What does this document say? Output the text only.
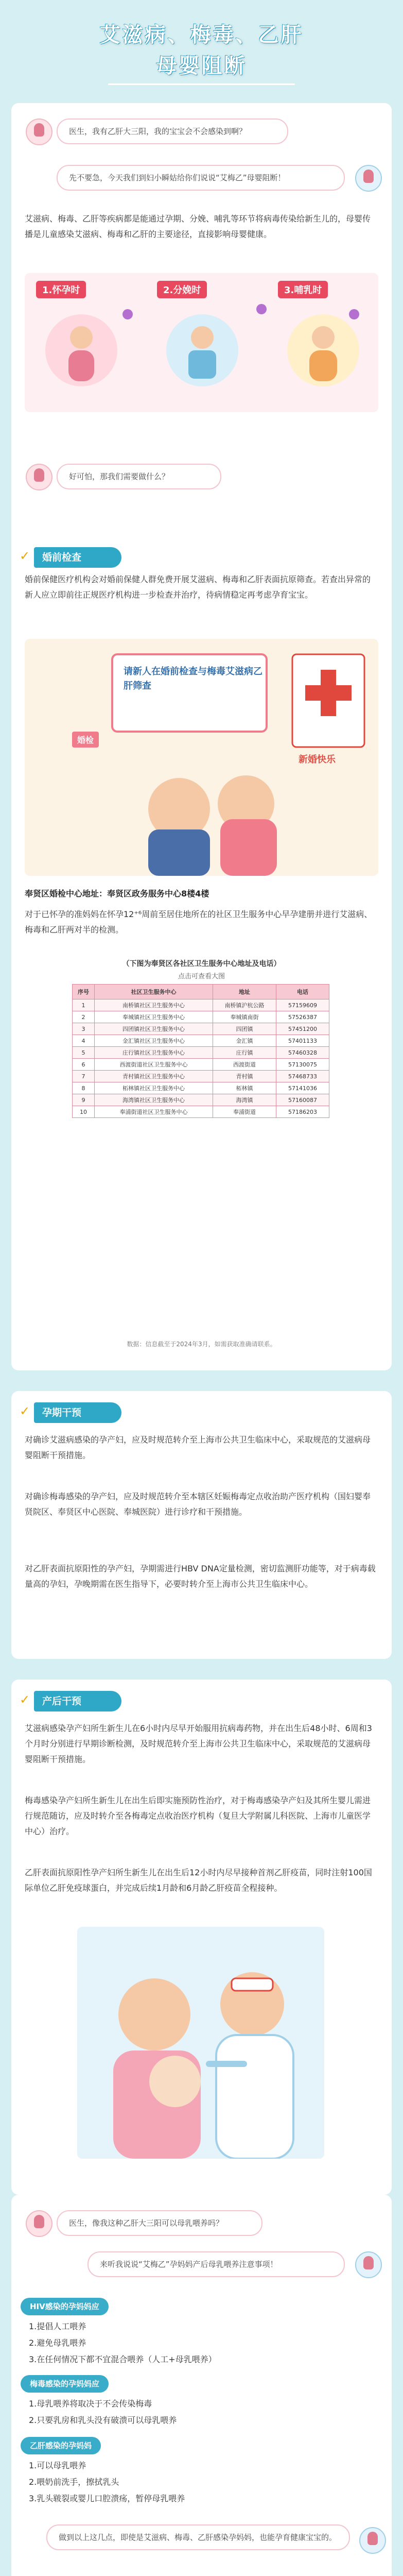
艾滋病、梅毒、乙肝
母婴阻断
医生，我有乙肝大三阳，我的宝宝会不会感染到啊？
先不要急，今天我们到妇小瞬姑给你们说说“艾梅乙”母婴阻断！
艾滋病、梅毒、乙肝等疾病都是能通过孕期、分娩、哺乳等环节将病毒传染给新生儿的，母婴传播是儿童感染艾滋病、梅毒和乙肝的主要途径，直接影响母婴健康。
1.怀孕时	2.分娩时	3.哺乳时
好可怕，那我们需要做什么？
✓	婚前检查
婚前保健医疗机构会对婚前保健人群免费开展艾滋病、梅毒和乙肝表面抗原筛查。若查出异常的新人应立即前往正规医疗机构进一步检查并治疗，待病情稳定再考虑孕育宝宝。
请新人在婚前检查与梅毒艾滋病乙肝筛查
婚检
新婚快乐
奉贤区婚检中心地址：奉贤区政务服务中心8楼4楼
对于已怀孕的准妈妈在怀孕12⁺⁶周前至居住地所在的社区卫生服务中心早孕建册并进行艾滋病、梅毒和乙肝两对半的检测。
（下图为奉贤区各社区卫生服务中心地址及电话）
点击可查看大图
序号	社区卫生服务中心	地址	电话
1	南桥镇社区卫生服务中心	南桥镇沪杭公路	57159609
2	奉城镇社区卫生服务中心	奉城镇南街	57526387
3	四团镇社区卫生服务中心	四团镇	57451200
4	金汇镇社区卫生服务中心	金汇镇	57401133
5	庄行镇社区卫生服务中心	庄行镇	57460328
6	西渡街道社区卫生服务中心	西渡街道	57130075
7	青村镇社区卫生服务中心	青村镇	57468733
8	柘林镇社区卫生服务中心	柘林镇	57141036
9	海湾镇社区卫生服务中心	海湾镇	57160087
10	奉浦街道社区卫生服务中心	奉浦街道	57186203
数据：信息截至于2024年3月，如需获取准确请联系。
✓	孕期干预
对确诊艾滋病感染的孕产妇，应及时规范转介至上海市公共卫生临床中心，采取规范的艾滋病母婴阻断干预措施。
对确诊梅毒感染的孕产妇，应及时规范转介至本辖区妊娠梅毒定点收治助产医疗机构（国妇婴奉贤院区、奉贤区中心医院、奉城医院）进行诊疗和干预措施。
对乙肝表面抗原阳性的孕产妇，孕期需进行HBV DNA定量检测，密切监测肝功能等，对于病毒载量高的孕妇，孕晚期需在医生指导下，必要时转介至上海市公共卫生临床中心。
✓	产后干预
艾滋病感染孕产妇所生新生儿在6小时内尽早开始服用抗病毒药物，并在出生后48小时、6周和3个月时分别进行早期诊断检测，及时规范转介至上海市公共卫生临床中心，采取规范的艾滋病母婴阻断干预措施。
梅毒感染孕产妇所生新生儿在出生后即实施预防性治疗，对于梅毒感染孕产妇及其所生婴儿需进行规范随访，应及时转介至各梅毒定点收治医疗机构（复旦大学附属儿科医院、上海市儿童医学中心）治疗。
乙肝表面抗原阳性孕产妇所生新生儿在出生后12小时内尽早接种首剂乙肝疫苗，同时注射100国际单位乙肝免疫球蛋白，并完成后续1月龄和6月龄乙肝疫苗全程接种。
❤
医生，像我这种乙肝大三阳可以母乳喂养吗？
来听我说说“艾梅乙”孕妈妈产后母乳喂养注意事项！
HIV感染的孕妈妈应
1.提倡人工喂养
2.避免母乳喂养
3.在任何情况下都不宜混合喂养（人工+母乳喂养）
梅毒感染的孕妈妈应
1.母乳喂养将取决于不会传染梅毒
2.只要乳房和乳头没有破溃可以母乳喂养
乙肝感染的孕妈妈
1.可以母乳喂养
2.喂奶前洗手，擦拭乳头
3.乳头皲裂或婴儿口腔溃疡，暂停母乳喂养
做到以上这几点，即使是艾滋病、梅毒、乙肝感染孕妈妈，也能孕育健康宝宝的。
